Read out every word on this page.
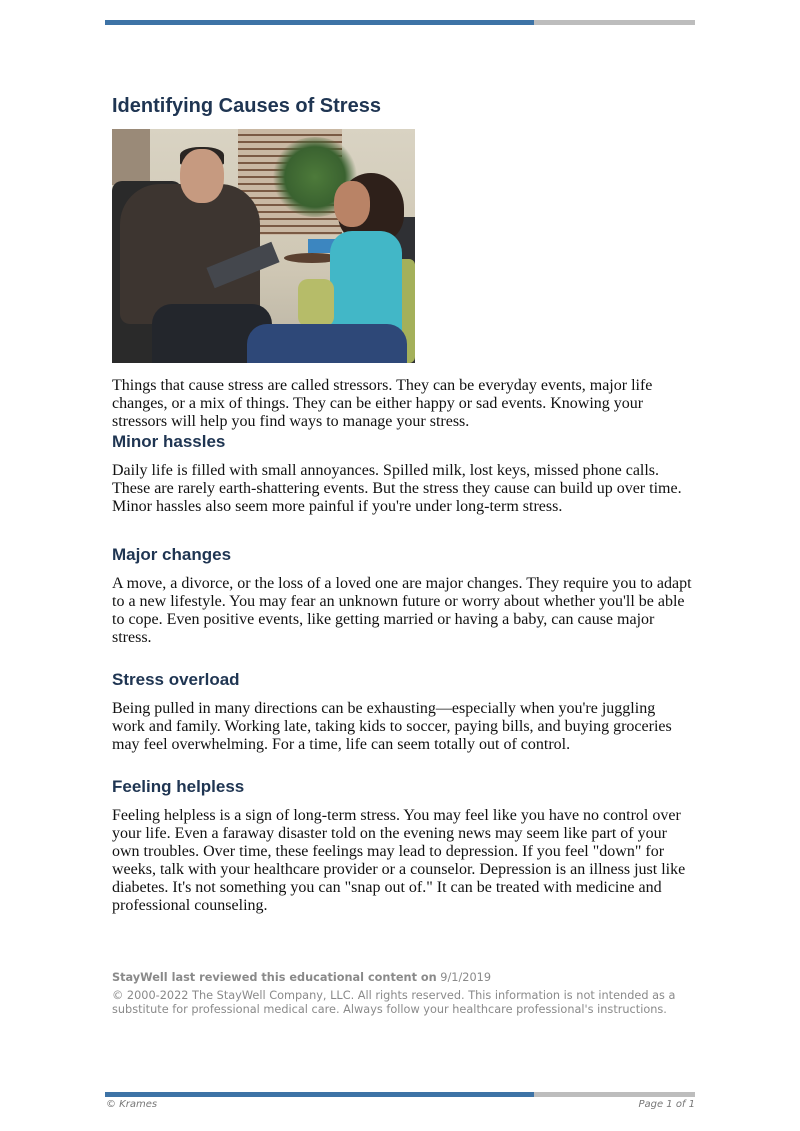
Identifying Causes of Stress

Things that cause stress are called stressors. They can be everyday events, major life changes, or a mix of things. They can be either happy or sad events. Knowing your stressors will help you find ways to manage your stress.

Minor hassles

Daily life is filled with small annoyances. Spilled milk, lost keys, missed phone calls. These are rarely earth-shattering events. But the stress they cause can build up over time. Minor hassles also seem more painful if you're under long-term stress.

Major changes

A move, a divorce, or the loss of a loved one are major changes. They require you to adapt to a new lifestyle. You may fear an unknown future or worry about whether you'll be able to cope. Even positive events, like getting married or having a baby, can cause major stress.

Stress overload

Being pulled in many directions can be exhausting—especially when you're juggling work and family. Working late, taking kids to soccer, paying bills, and buying groceries may feel overwhelming. For a time, life can seem totally out of control.

Feeling helpless

Feeling helpless is a sign of long-term stress. You may feel like you have no control over your life. Even a faraway disaster told on the evening news may seem like part of your own troubles. Over time, these feelings may lead to depression. If you feel "down" for weeks, talk with your healthcare provider or a counselor. Depression is an illness just like diabetes. It's not something you can "snap out of." It can be treated with medicine and professional counseling.

StayWell last reviewed this educational content on 9/1/2019
© 2000-2022 The StayWell Company, LLC. All rights reserved. This information is not intended as a substitute for professional medical care. Always follow your healthcare professional's instructions.
© Krames	Page 1 of 1
